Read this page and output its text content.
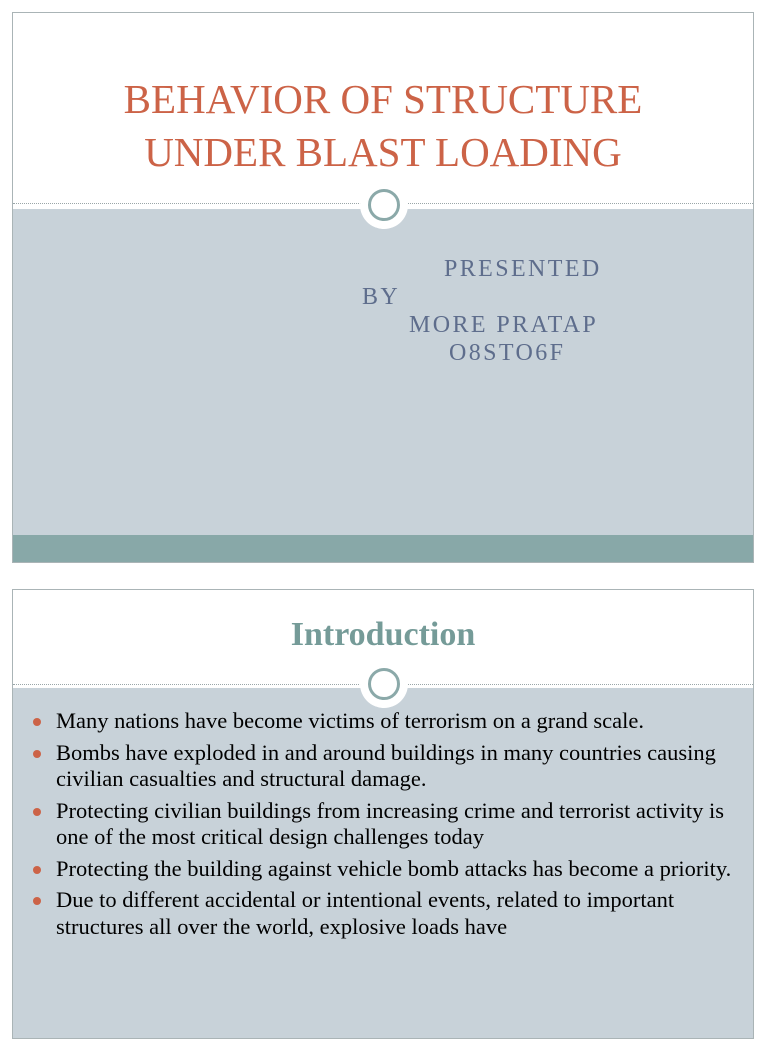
BEHAVIOR OF STRUCTURE
UNDER BLAST LOADING
PRESENTED
BY
MORE PRATAP
O8STO6F
Introduction
Many nations have become victims of terrorism on a grand scale.
Bombs have exploded in and around buildings in many countries causing civilian casualties and structural damage.
Protecting civilian buildings from increasing crime and terrorist activity is one of the most critical design challenges today
Protecting the building against vehicle bomb attacks has become a priority.
Due to different accidental or intentional events, related to important structures all over the world, explosive loads have
